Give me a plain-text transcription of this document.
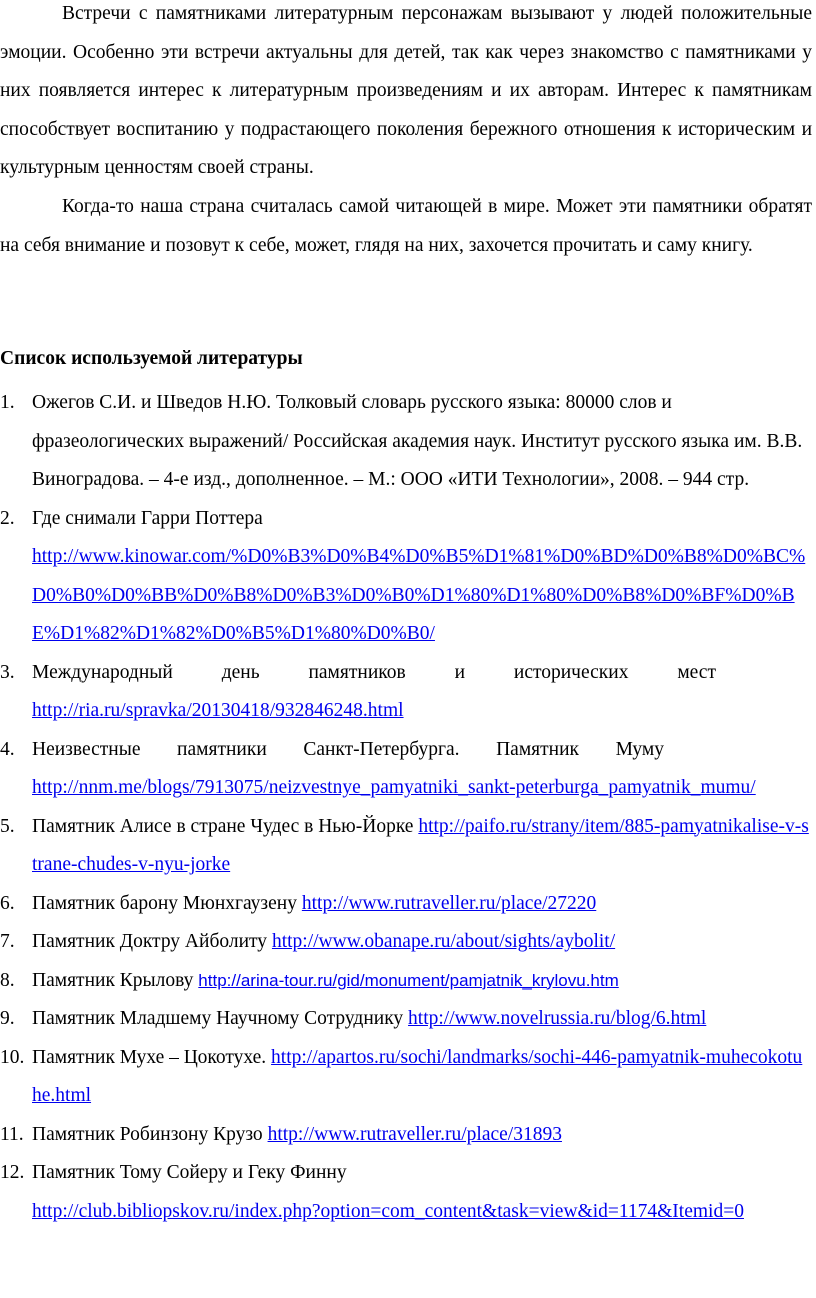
Встречи с памятниками литературным персонажам вызывают у людей положительные эмоции. Особенно эти встречи актуальны для детей, так как через знакомство с памятниками у них появляется интерес к литературным произведениям и их авторам. Интерес к памятникам способствует воспитанию у подрастающего поколения бережного отношения к историческим и культурным ценностям своей страны.

Когда-то наша страна считалась самой читающей в мире. Может эти памятники обратят на себя внимание и позовут к себе, может, глядя на них, захочется прочитать и саму книгу.

Список используемой литературы
1. Ожегов С.И. и Шведов Н.Ю. Толковый словарь русского языка: 80000 слов и фразеологических выражений/ Российская академия наук. Институт русского языка им. В.В. Виноградова. – 4-е изд., дополненное. – М.: ООО «ИТИ Технологии», 2008. – 944 стр.
2. Где снимали Гарри Поттера
http://www.kinowar.com/%D0%B3%D0%B4%D0%B5%D1%81%D0%BD%D0%B8%D0%BC%D0%B0%D0%BB%D0%B8%D0%B3%D0%B0%D1%80%D1%80%D0%B8%D0%BF%D0%BE%D1%82%D1%82%D0%B5%D1%80%D0%B0/
3. Международный	день	памятников	и	исторических	мест
http://ria.ru/spravka/20130418/932846248.html
4. Неизвестные памятники Санкт-Петербурга. Памятник Муму
http://nnm.me/blogs/7913075/neizvestnye_pamyatniki_sankt-peterburga_pamyatnik_mumu/
5. Памятник Алисе в стране Чудес в Нью-Йорке http://paifo.ru/strany/item/885-pamyatnikalise-v-strane-chudes-v-nyu-jorke
6. Памятник барону Мюнхгаузену http://www.rutraveller.ru/place/27220
7. Памятник Доктру Айболиту http://www.obanape.ru/about/sights/aybolit/
8. Памятник Крылову http://arina-tour.ru/gid/monument/pamjatnik_krylovu.htm
9. Памятник Младшему Научному Сотруднику http://www.novelrussia.ru/blog/6.html
10. Памятник Мухе – Цокотухе. http://apartos.ru/sochi/landmarks/sochi-446-pamyatnik-muhecokotuhe.html
11. Памятник Робинзону Крузо http://www.rutraveller.ru/place/31893
12. Памятник Тому Сойеру и Геку Финну
http://club.bibliopskov.ru/index.php?option=com_content&task=view&id=1174&Itemid=0
